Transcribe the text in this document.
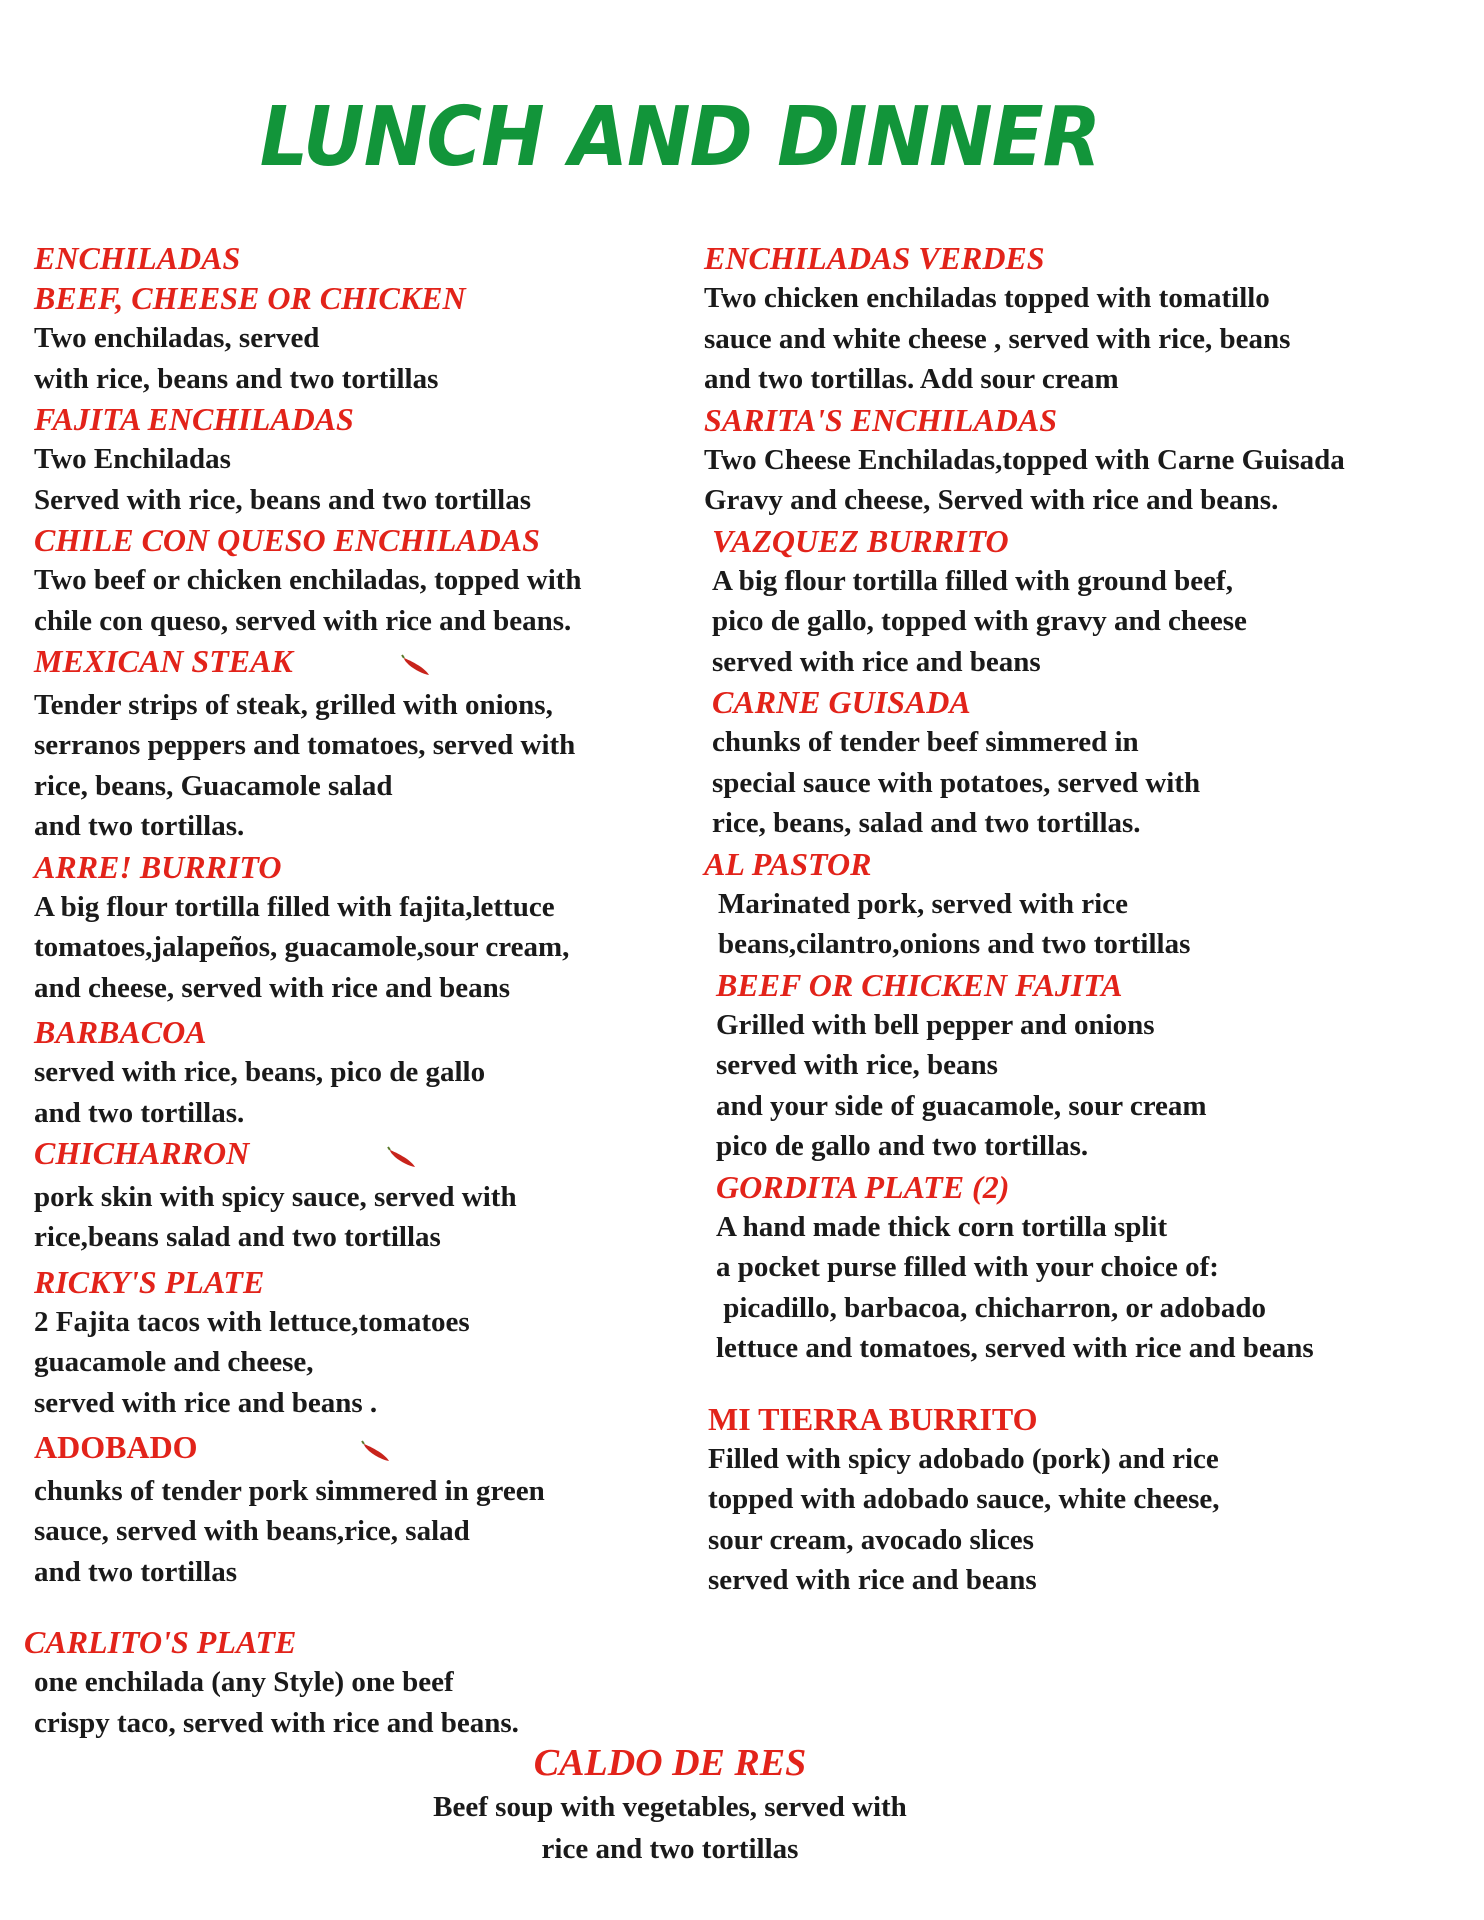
LUNCH AND DINNER
ENCHILADAS
BEEF, CHEESE OR CHICKEN
Two enchiladas, served
with rice, beans and two tortillas
FAJITA ENCHILADAS
Two Enchiladas
Served with rice, beans and two tortillas
CHILE CON QUESO ENCHILADAS
Two beef or chicken enchiladas, topped with
chile con queso, served with rice and beans.
MEXICAN STEAK
Tender strips of steak, grilled with onions,
serranos peppers and tomatoes, served with
rice, beans, Guacamole salad
and two tortillas.
ARRE! BURRITO
A big flour tortilla filled with fajita,lettuce
tomatoes,jalapeños, guacamole,sour cream,
and cheese, served with rice and beans
BARBACOA
served with rice, beans, pico de gallo
and two tortillas.
CHICHARRON
pork skin with spicy sauce, served with
rice,beans salad and two tortillas
RICKY'S PLATE
2 Fajita tacos with lettuce,tomatoes
guacamole and cheese,
served with rice and beans .
ADOBADO
chunks of tender pork simmered in green
sauce, served with beans,rice, salad
and two tortillas
CARLITO'S PLATE
one enchilada (any Style) one beef
crispy taco, served with rice and beans.
ENCHILADAS VERDES
Two chicken enchiladas topped with tomatillo
sauce and white cheese , served with rice, beans
and two tortillas. Add sour cream
SARITA'S ENCHILADAS
Two Cheese Enchiladas,topped with Carne Guisada
Gravy and cheese, Served with rice and beans.
VAZQUEZ BURRITO
A big flour tortilla filled with ground beef,
pico de gallo, topped with gravy and cheese
served with rice and beans
CARNE GUISADA
chunks of tender beef simmered in
special sauce with potatoes, served with
rice, beans, salad and two tortillas.
AL PASTOR
Marinated pork, served with rice
beans,cilantro,onions and two tortillas
BEEF OR CHICKEN FAJITA
Grilled with bell pepper and onions
served with rice, beans
and your side of guacamole, sour cream
pico de gallo and two tortillas.
GORDITA PLATE (2)
A hand made thick corn tortilla split
a pocket purse filled with your choice of:
picadillo, barbacoa, chicharron, or adobado
lettuce and tomatoes, served with rice and beans
MI TIERRA BURRITO
Filled with spicy adobado (pork) and rice
topped with adobado sauce, white cheese,
sour cream, avocado slices
served with rice and beans
CALDO DE RES
Beef soup with vegetables, served with
rice and two tortillas
